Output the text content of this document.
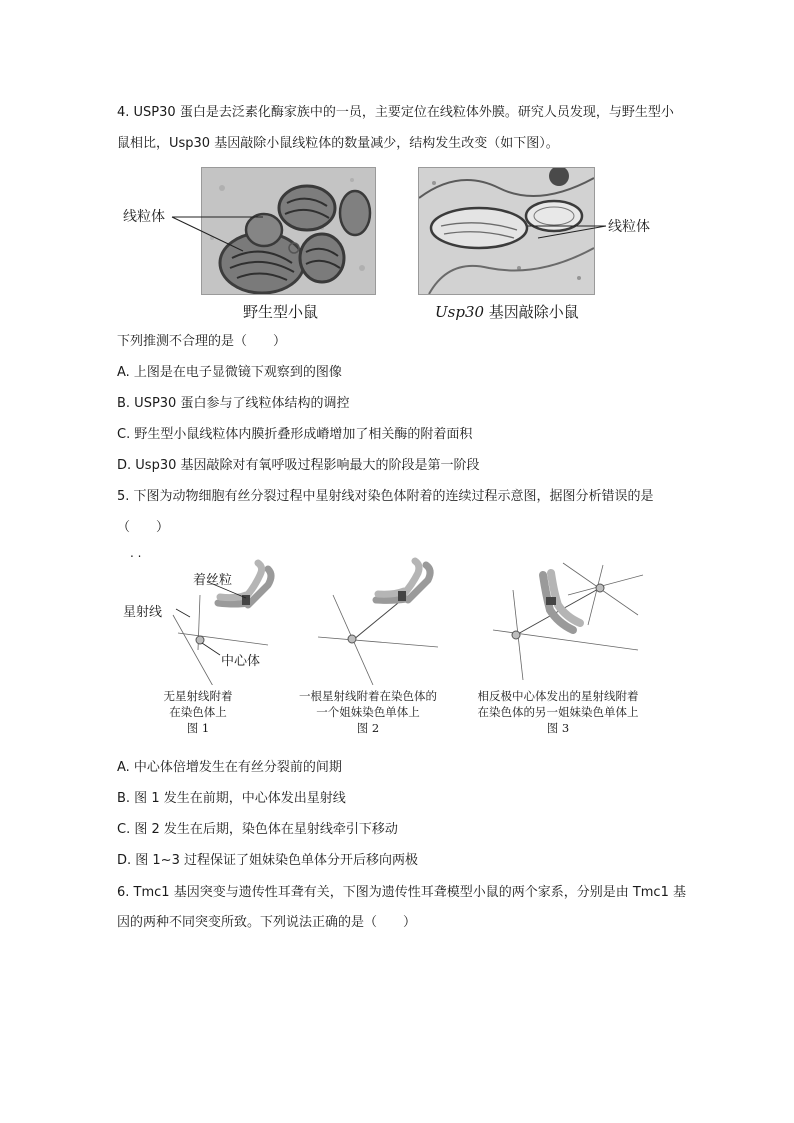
4. USP30 蛋白是去泛素化酶家族中的一员，主要定位在线粒体外膜。研究人员发现，与野生型小
鼠相比，Usp30 基因敲除小鼠线粒体的数量减少，结构发生改变（如下图）。
线粒体
野生型小鼠
线粒体
Usp30 基因敲除小鼠
下列推测不合理的是（　　）
A. 上图是在电子显微镜下观察到的图像
B. USP30 蛋白参与了线粒体结构的调控
C. 野生型小鼠线粒体内膜折叠形成嵴增加了相关酶的附着面积
D. Usp30 基因敲除对有氧呼吸过程影响最大的阶段是第一阶段
5. 下图为动物细胞有丝分裂过程中星射线对染色体附着的连续过程示意图，据图分析错误的是
（　　）
. .
着丝粒
星射线
中心体
无星射线附着
在染色体上
图 1
一根星射线附着在染色体的
一个姐妹染色单体上
图 2
相反极中心体发出的星射线附着
在染色体的另一姐妹染色单体上
图 3
A. 中心体倍增发生在有丝分裂前的间期
B. 图 1 发生在前期，中心体发出星射线
C. 图 2 发生在后期，染色体在星射线牵引下移动
D. 图 1~3 过程保证了姐妹染色单体分开后移向两极
6. Tmc1 基因突变与遗传性耳聋有关，下图为遗传性耳聋模型小鼠的两个家系，分别是由 Tmc1 基
因的两种不同突变所致。下列说法正确的是（　　）
